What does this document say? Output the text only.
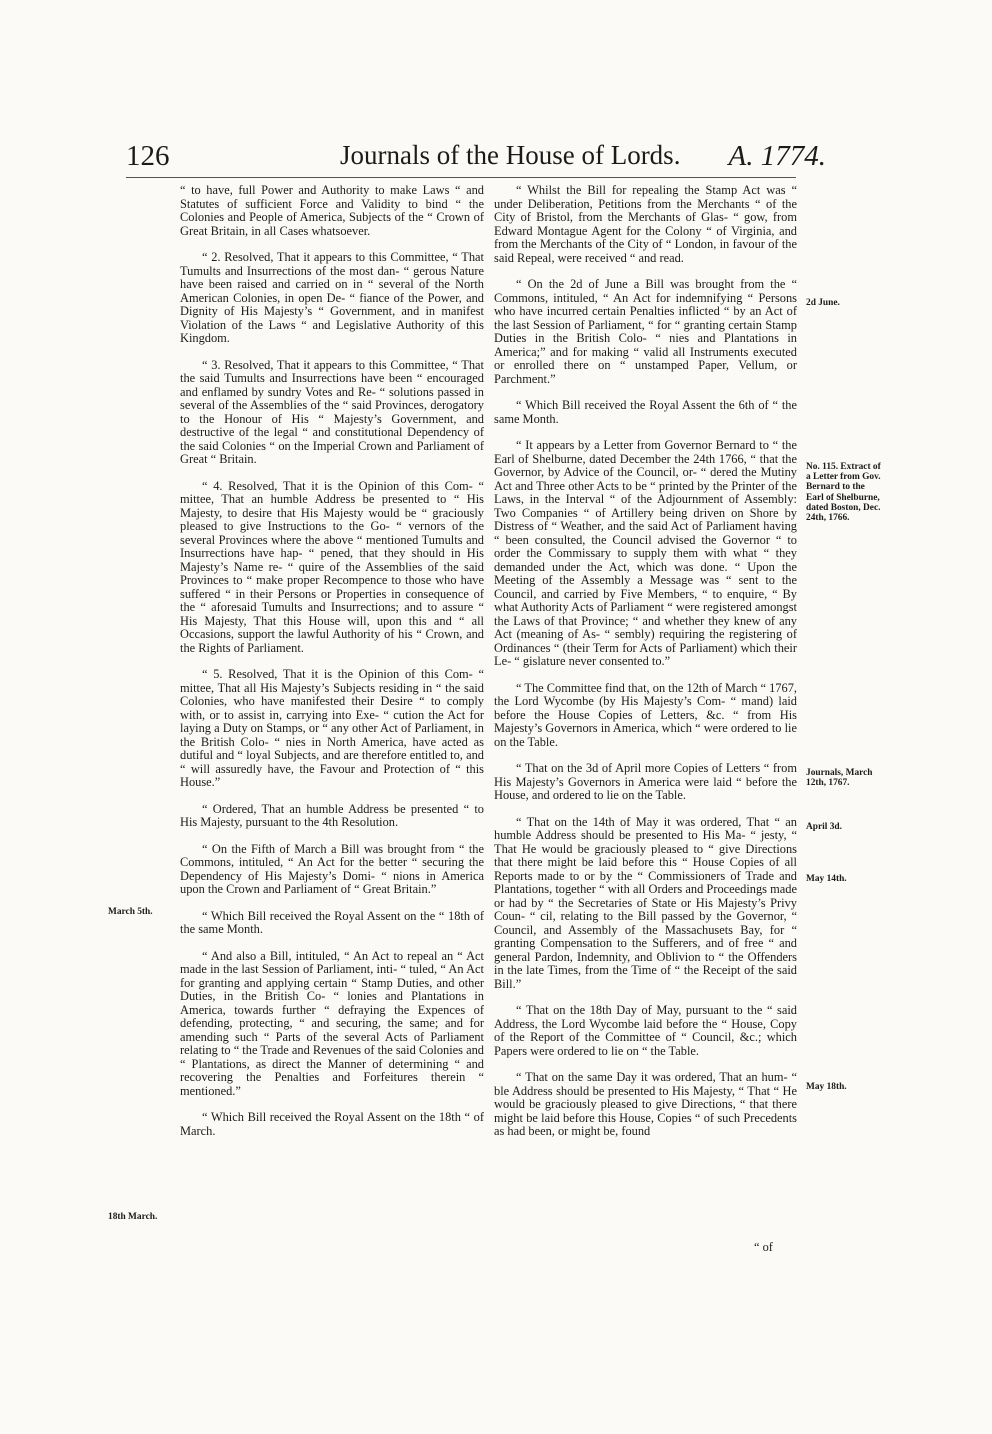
126	Journals of the House of Lords. A. 1774.

“ to have, full Power and Authority to make Laws “ and Statutes of sufficient Force and Validity to bind “ the Colonies and People of America, Subjects of the “ Crown of Great Britain, in all Cases whatsoever.

“ 2. Resolved, That it appears to this Committee, “ That Tumults and Insurrections of the most dan- “ gerous Nature have been raised and carried on in “ several of the North American Colonies, in open De- “ fiance of the Power, and Dignity of His Majesty’s “ Government, and in manifest Violation of the Laws “ and Legislative Authority of this Kingdom.

“ 3. Resolved, That it appears to this Committee, “ That the said Tumults and Insurrections have been “ encouraged and enflamed by sundry Votes and Re- “ solutions passed in several of the Assemblies of the “ said Provinces, derogatory to the Honour of His “ Majesty’s Government, and destructive of the legal “ and constitutional Dependency of the said Colonies “ on the Imperial Crown and Parliament of Great “ Britain.

“ 4. Resolved, That it is the Opinion of this Com- “ mittee, That an humble Address be presented to “ His Majesty, to desire that His Majesty would be “ graciously pleased to give Instructions to the Go- “ vernors of the several Provinces where the above “ mentioned Tumults and Insurrections have hap- “ pened, that they should in His Majesty’s Name re- “ quire of the Assemblies of the said Provinces to “ make proper Recompence to those who have suffered “ in their Persons or Properties in consequence of the “ aforesaid Tumults and Insurrections; and to assure “ His Majesty, That this House will, upon this and “ all Occasions, support the lawful Authority of his “ Crown, and the Rights of Parliament.

“ 5. Resolved, That it is the Opinion of this Com- “ mittee, That all His Majesty’s Subjects residing in “ the said Colonies, who have manifested their Desire “ to comply with, or to assist in, carrying into Exe- “ cution the Act for laying a Duty on Stamps, or “ any other Act of Parliament, in the British Colo- “ nies in North America, have acted as dutiful and “ loyal Subjects, and are therefore entitled to, and “ will assuredly have, the Favour and Protection of “ this House.”

“ Ordered, That an humble Address be presented “ to His Majesty, pursuant to the 4th Resolution.

“ On the Fifth of March a Bill was brought from “ the Commons, intituled, “ An Act for the better “ securing the Dependency of His Majesty’s Domi- “ nions in America upon the Crown and Parliament of “ Great Britain.”

“ Which Bill received the Royal Assent on the “ 18th of the same Month.

“ And also a Bill, intituled, “ An Act to repeal an “ Act made in the last Session of Parliament, inti- “ tuled, “ An Act for granting and applying certain “ Stamp Duties, and other Duties, in the British Co- “ lonies and Plantations in America, towards further “ defraying the Expences of defending, protecting, “ and securing, the same; and for amending such “ Parts of the several Acts of Parliament relating to “ the Trade and Revenues of the said Colonies and “ Plantations, as direct the Manner of determining “ and recovering the Penalties and Forfeitures therein “ mentioned.”

“ Which Bill received the Royal Assent on the 18th “ of March.

“ Whilst the Bill for repealing the Stamp Act was “ under Deliberation, Petitions from the Merchants “ of the City of Bristol, from the Merchants of Glas- “ gow, from Edward Montague Agent for the Colony “ of Virginia, and from the Merchants of the City of “ London, in favour of the said Repeal, were received “ and read.

“ On the 2d of June a Bill was brought from the “ Commons, intituled, “ An Act for indemnifying “ Persons who have incurred certain Penalties inflicted “ by an Act of the last Session of Parliament, “ for “ granting certain Stamp Duties in the British Colo- “ nies and Plantations in America;” and for making “ valid all Instruments executed or enrolled there on “ unstamped Paper, Vellum, or Parchment.”

“ Which Bill received the Royal Assent the 6th of “ the same Month.

“ It appears by a Letter from Governor Bernard to “ the Earl of Shelburne, dated December the 24th 1766, “ that the Governor, by Advice of the Council, or- “ dered the Mutiny Act and Three other Acts to be “ printed by the Printer of the Laws, in the Interval “ of the Adjournment of Assembly: Two Companies “ of Artillery being driven on Shore by Distress of “ Weather, and the said Act of Parliament having “ been consulted, the Council advised the Governor “ to order the Commissary to supply them with what “ they demanded under the Act, which was done. “ Upon the Meeting of the Assembly a Message was “ sent to the Council, and carried by Five Members, “ to enquire, “ By what Authority Acts of Parliament “ were registered amongst the Laws of that Province; “ and whether they knew of any Act (meaning of As- “ sembly) requiring the registering of Ordinances “ (their Term for Acts of Parliament) which their Le- “ gislature never consented to.”

“ The Committee find that, on the 12th of March “ 1767, the Lord Wycombe (by His Majesty’s Com- “ mand) laid before the House Copies of Letters, &c. “ from His Majesty’s Governors in America, which “ were ordered to lie on the Table.

“ That on the 3d of April more Copies of Letters “ from His Majesty’s Governors in America were laid “ before the House, and ordered to lie on the Table.

“ That on the 14th of May it was ordered, That “ an humble Address should be presented to His Ma- “ jesty, “ That He would be graciously pleased to “ give Directions that there might be laid before this “ House Copies of all Reports made to or by the “ Commissioners of Trade and Plantations, together “ with all Orders and Proceedings made or had by “ the Secretaries of State or His Majesty’s Privy Coun- “ cil, relating to the Bill passed by the Governor, “ Council, and Assembly of the Massachusets Bay, for “ granting Compensation to the Sufferers, and of free “ and general Pardon, Indemnity, and Oblivion to “ the Offenders in the late Times, from the Time of “ the Receipt of the said Bill.”

“ That on the 18th Day of May, pursuant to the “ said Address, the Lord Wycombe laid before the “ House, Copy of the Report of the Committee of “ Council, &c.; which Papers were ordered to lie on “ the Table.

“ That on the same Day it was ordered, That an hum- “ ble Address should be presented to His Majesty, “ That “ He would be graciously pleased to give Directions, “ that there might be laid before this House, Copies “ of such Precedents as had been, or might be, found

March 5th.
18th March.
2d June.
No. 115. Extract of a Letter from Gov. Bernard to the Earl of Shelburne, dated Boston, Dec. 24th, 1766.
Journals, March 12th, 1767.
April 3d.
May 14th.
May 18th.
“ of
